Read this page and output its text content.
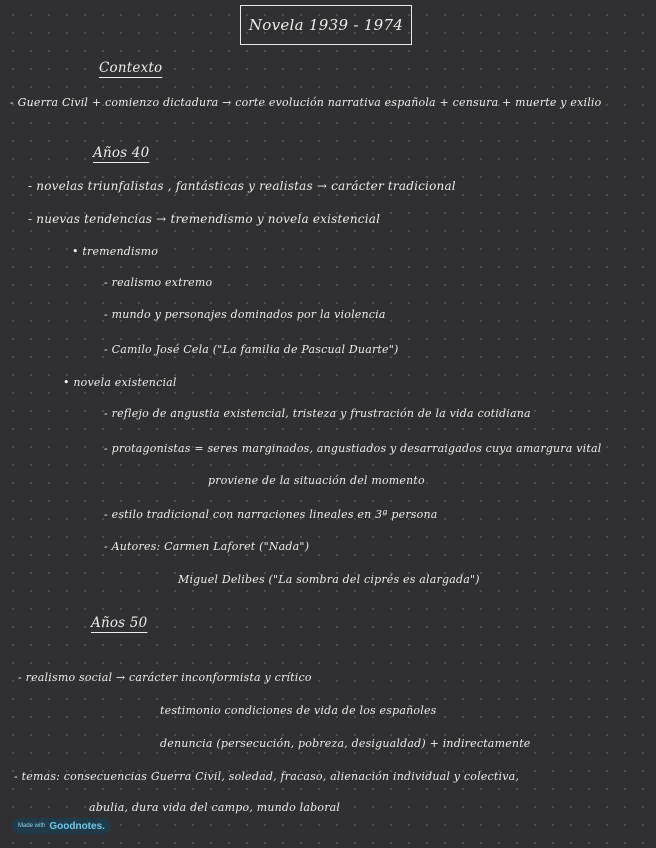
Novela 1939 - 1974
Contexto
- Guerra Civil + comienzo dictadura → corte evolución narrativa española + censura + muerte y exilio
Años 40
- novelas triunfalistas , fantásticas y realistas → carácter tradicional
- nuevas tendencias → tremendismo y novela existencial
• tremendismo
- realismo extremo
- mundo y personajes dominados por la violencia
- Camilo José Cela ("La familia de Pascual Duarte")
• novela existencial
- reflejo de angustia existencial, tristeza y frustración de la vida cotidiana
- protagonistas = seres marginados, angustiados y desarraigados cuya amargura vital
proviene de la situación del momento
- estilo tradicional con narraciones lineales en 3ª persona
- Autores: Carmen Laforet ("Nada")
Miguel Delibes ("La sombra del ciprés es alargada")
Años 50
- realismo social → carácter inconformista y crítico
testimonio condiciones de vida de los españoles
denuncia (persecución, pobreza, desigualdad) + indirectamente
- temas: consecuencias Guerra Civil, soledad, fracaso, alienación individual y colectiva,
abulia, dura vida del campo, mundo laboral
Made with Goodnotes.
